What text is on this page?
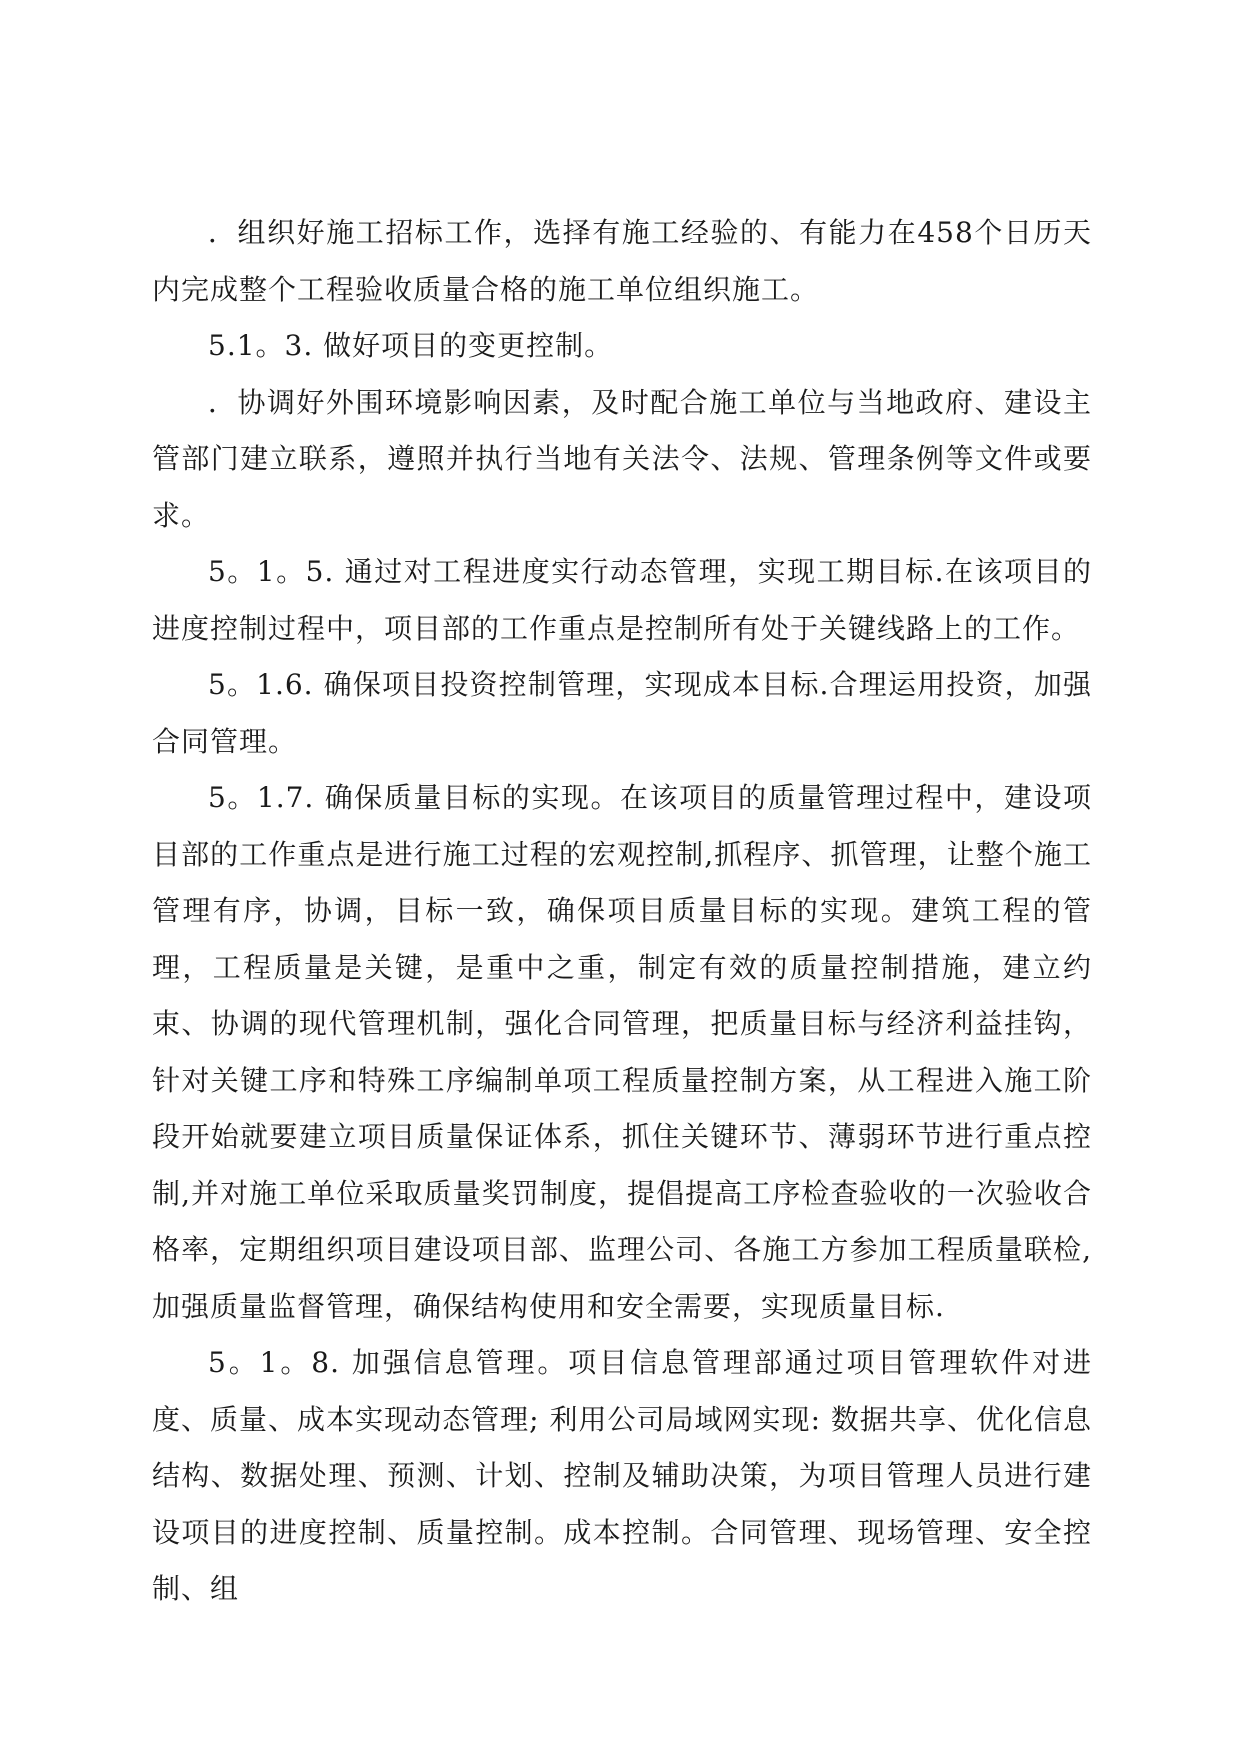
．组织好施工招标工作，选择有施工经验的、有能力在458个日历天内完成整个工程验收质量合格的施工单位组织施工。

5.1。3. 做好项目的变更控制。

．协调好外围环境影响因素，及时配合施工单位与当地政府、建设主管部门建立联系，遵照并执行当地有关法令、法规、管理条例等文件或要求。

5。1。5. 通过对工程进度实行动态管理，实现工期目标.在该项目的进度控制过程中，项目部的工作重点是控制所有处于关键线路上的工作。

5。1.6. 确保项目投资控制管理，实现成本目标.合理运用投资，加强合同管理。

5。1.7. 确保质量目标的实现。在该项目的质量管理过程中，建设项目部的工作重点是进行施工过程的宏观控制,抓程序、抓管理，让整个施工管理有序，协调，目标一致，确保项目质量目标的实现。建筑工程的管理，工程质量是关键，是重中之重，制定有效的质量控制措施，建立约束、协调的现代管理机制，强化合同管理，把质量目标与经济利益挂钩，针对关键工序和特殊工序编制单项工程质量控制方案，从工程进入施工阶段开始就要建立项目质量保证体系，抓住关键环节、薄弱环节进行重点控制,并对施工单位采取质量奖罚制度，提倡提高工序检查验收的一次验收合格率，定期组织项目建设项目部、监理公司、各施工方参加工程质量联检,加强质量监督管理，确保结构使用和安全需要，实现质量目标.

5。1。8. 加强信息管理。项目信息管理部通过项目管理软件对进度、质量、成本实现动态管理; 利用公司局域网实现: 数据共享、优化信息结构、数据处理、预测、计划、控制及辅助决策，为项目管理人员进行建设项目的进度控制、质量控制。成本控制。合同管理、现场管理、安全控制、组
